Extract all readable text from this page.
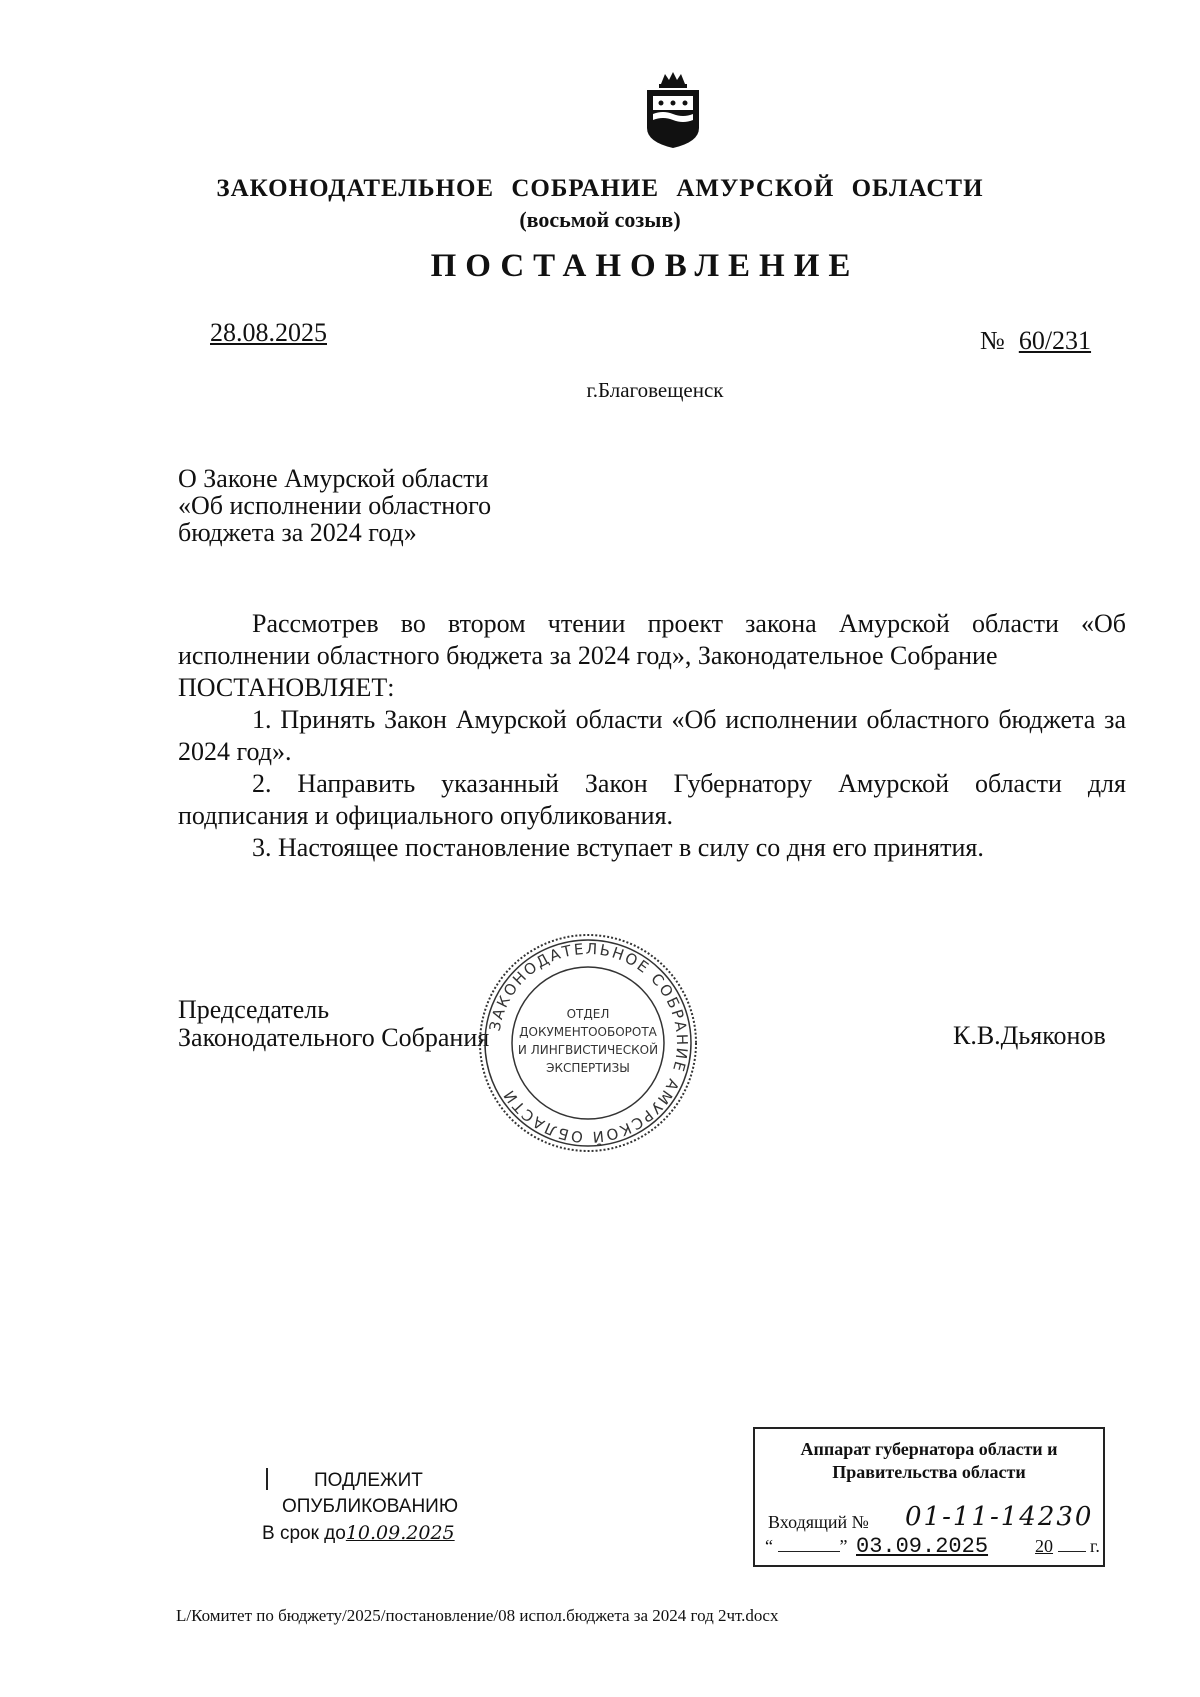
ЗАКОНОДАТЕЛЬНОЕ СОБРАНИЕ АМУРСКОЙ ОБЛАСТИ
(восьмой созыв)
ПОСТАНОВЛЕНИЕ
28.08.2025	№ 60/231
г.Благовещенск
О Законе Амурской области
«Об исполнении областного
бюджета за 2024 год»

Рассмотрев во втором чтении проект закона Амурской области «Об исполнении областного бюджета за 2024 год», Законодательное Собрание

ПОСТАНОВЛЯЕТ:

1. Принять Закон Амурской области «Об исполнении областного бюджета за 2024 год».

2. Направить указанный Закон Губернатору Амурской области для подписания и официального опубликования.

3. Настоящее постановление вступает в силу со дня его принятия.

Председатель
Законодательного Собрания	К.В.Дьяконов
ЗАКОНОДАТЕЛЬНОЕ СОБРАНИЕ АМУРСКОЙ ОБЛАСТИ
ОТДЕЛ
ДОКУМЕНТООБОРОТА
И ЛИНГВИСТИЧЕСКОЙ
ЭКСПЕРТИЗЫ
ПОДЛЕЖИТ
ОПУБЛИКОВАНИЮ
В срок до10.09.2025
Аппарат губернатора области и
Правительства области
Входящий № 01-11-14230
“	” 03.09.2025	20 г.
L/Комитет по бюджету/2025/постановление/08 испол.бюджета за 2024 год 2чт.docx
